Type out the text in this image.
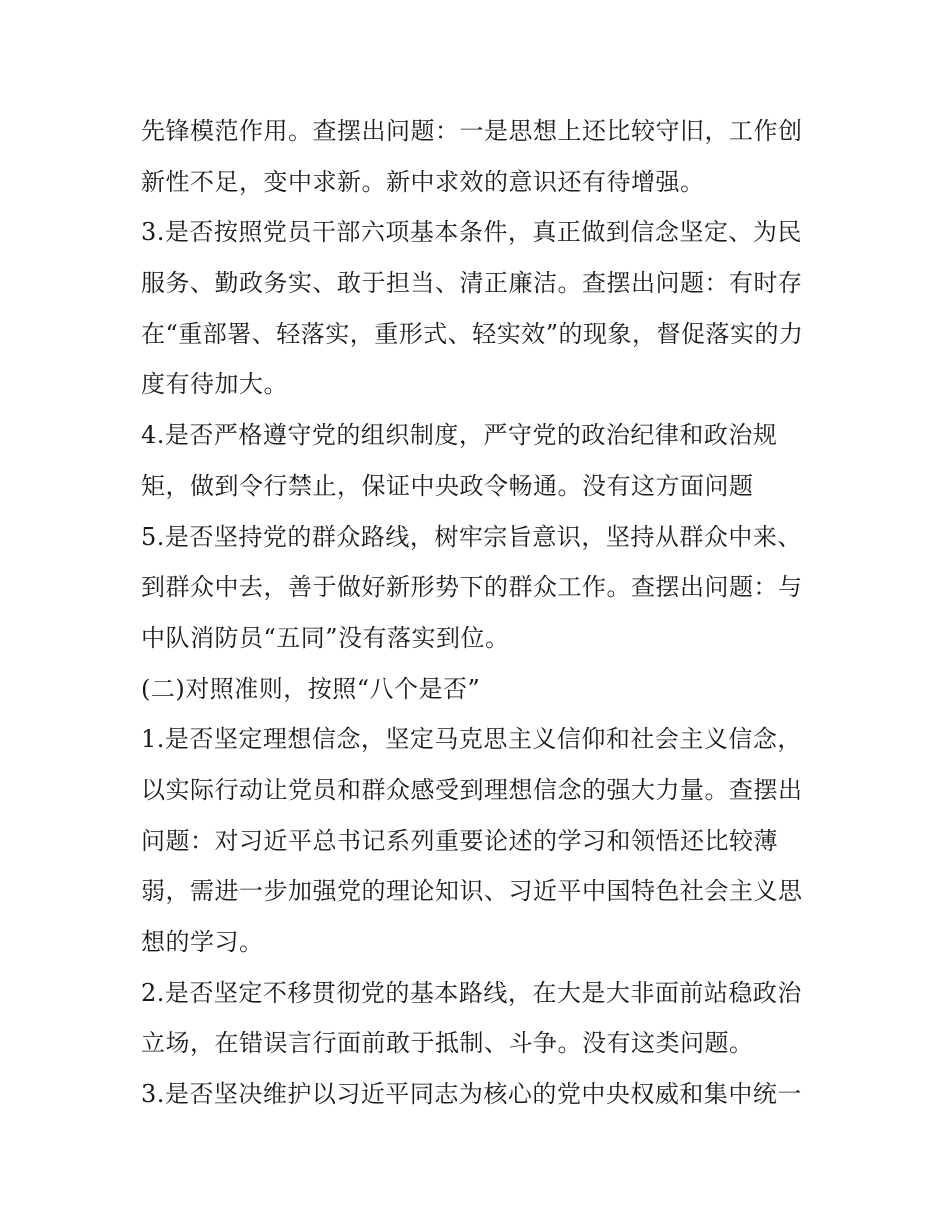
先锋模范作用。查摆出问题：一是思想上还比较守旧，工作创
新性不足，变中求新。新中求效的意识还有待增强。
3.是否按照党员干部六项基本条件，真正做到信念坚定、为民
服务、勤政务实、敢于担当、清正廉洁。查摆出问题：有时存
在“重部署、轻落实，重形式、轻实效”的现象，督促落实的力
度有待加大。
4.是否严格遵守党的组织制度，严守党的政治纪律和政治规
矩，做到令行禁止，保证中央政令畅通。没有这方面问题
5.是否坚持党的群众路线，树牢宗旨意识，坚持从群众中来、
到群众中去，善于做好新形势下的群众工作。查摆出问题：与
中队消防员“五同”没有落实到位。
(二)对照准则，按照“八个是否”
1.是否坚定理想信念，坚定马克思主义信仰和社会主义信念，
以实际行动让党员和群众感受到理想信念的强大力量。查摆出
问题：对习近平总书记系列重要论述的学习和领悟还比较薄
弱，需进一步加强党的理论知识、习近平中国特色社会主义思
想的学习。
2.是否坚定不移贯彻党的基本路线，在大是大非面前站稳政治
立场，在错误言行面前敢于抵制、斗争。没有这类问题。
3.是否坚决维护以习近平同志为核心的党中央权威和集中统一
